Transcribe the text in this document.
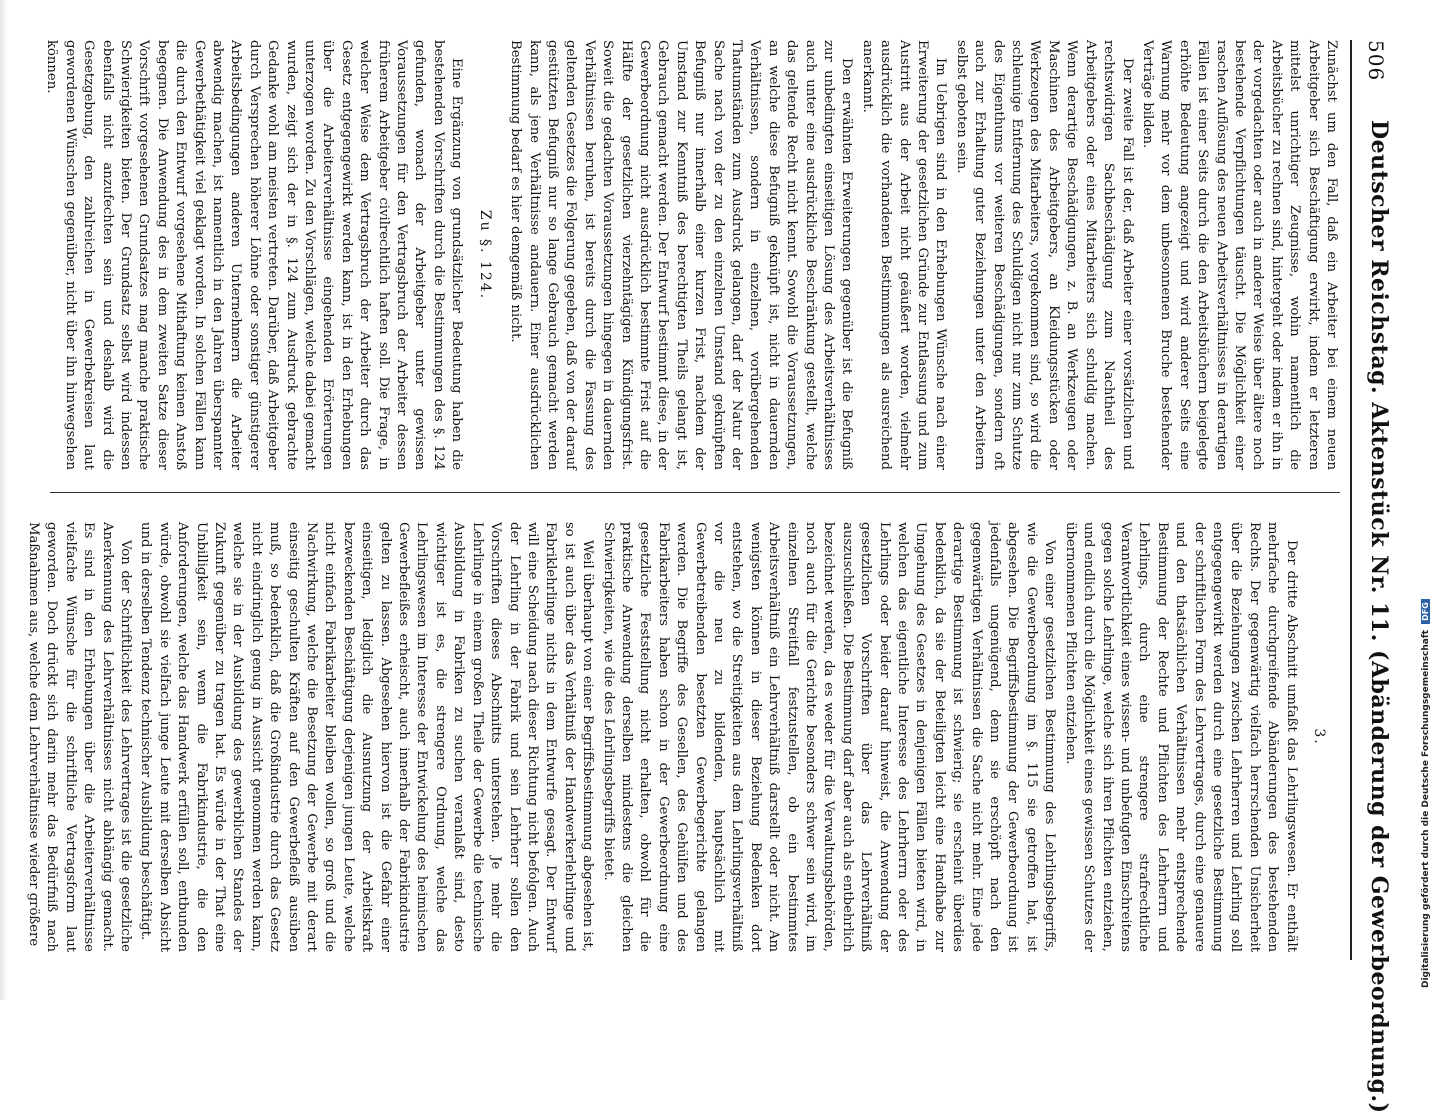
506
Deutscher Reichstag. Aktenstück Nr. 11. (Abänderung der Gewerbeordnung.)

Zunächst um den Fall, daß ein Arbeiter bei einem neuen Arbeitgeber sich Beschäftigung erwirkt, indem er letzteren mittelst unrichtiger Zeugnisse, wohin namentlich die Arbeitsbücher zu rechnen sind, hintergeht oder indem er ihn in der vorgedachten oder auch in anderer Weise über ältere noch bestehende Verpflichtungen täuscht. Die Möglichkeit einer raschen Auflösung des neuen Arbeitsverhältnisses in derartigen Fällen ist einer Seits durch die den Arbeitsbüchern beigelegte erhöhte Bedeutung angezeigt und wird anderer Seits eine Warnung mehr vor dem unbesonnenen Bruche bestehender Verträge bilden.

Der zweite Fall ist der, daß Arbeiter einer vorsätzlichen und rechtswidrigen Sachbeschädigung zum Nachtheil des Arbeitgebers oder eines Mitarbeiters sich schuldig machen. Wenn derartige Beschädigungen, z. B. an Werkzeugen oder Maschinen des Arbeitgebers, an Kleidungsstücken oder Werkzeugen des Mitarbeiters, vorgekommen sind, so wird die schleunige Entfernung des Schuldigen nicht nur zum Schutze des Eigenthums vor weiteren Beschädigungen, sondern oft auch zur Erhaltung guter Beziehungen unter den Arbeitern selbst geboten sein.

Im Uebrigen sind in den Erhebungen Wünsche nach einer Erweiterung der gesetzlichen Gründe zur Entlassung und zum Austritt aus der Arbeit nicht geäußert worden, vielmehr ausdrücklich die vorhandenen Bestimmungen als ausreichend anerkannt.

Den erwähnten Erweiterungen gegenüber ist die Befugniß zur unbedingten einseitigen Lösung des Arbeitsverhältnisses auch unter eine ausdrückliche Beschränkung gestellt, welche das geltende Recht nicht kennt. Sowohl die Voraussetzungen, an welche diese Befugniß geknüpft ist, nicht in dauernden Verhältnissen, sondern in einzelnen, vorübergehenden Thatumständen zum Ausdruck gelangen, darf der Natur der Sache nach von der zu den einzelnen Umstand geknüpften Befugniß nur innerhalb einer kurzen Frist, nachdem der Umstand zur Kenntniß des berechtigten Theils gelangt ist, Gebrauch gemacht werden. Der Entwurf bestimmt diese, in der Gewerbeordnung nicht ausdrücklich bestimmte Frist auf die Hälfte der gesetzlichen vierzehntägigen Kündigungsfrist. Soweit die gedachten Voraussetzungen hingegen in dauernden Verhältnissen beruhen, ist bereits durch die Fassung des geltenden Gesetzes die Folgerung gegeben, daß von der darauf gestützten Befugniß nur so lange Gebrauch gemacht werden kann, als jene Verhältnisse andauern. Einer ausdrücklichen Bestimmung bedarf es hier demgemäß nicht.

Zu §. 124.

Eine Ergänzung von grundsätzlicher Bedeutung haben die bestehenden Vorschriften durch die Bestimmungen des §. 124 gefunden, wonach der Arbeitgeber unter gewissen Voraussetzungen für den Vertragsbruch der Arbeiter dessen früherem Arbeitgeber civilrechtlich haften soll. Die Frage, in welcher Weise dem Vertragsbruch der Arbeiter durch das Gesetz entgegengewirkt werden kann, ist in den Erhebungen über die Arbeiterverhältnisse eingehenden Erörterungen unterzogen worden. Zu den Vorschlägen, welche dabei gemacht wurden, zeigt sich der in §. 124 zum Ausdruck gebrachte Gedanke wohl am meisten vertreten. Darüber, daß Arbeitgeber durch Versprechen höherer Löhne oder sonstiger günstigerer Arbeitsbedingungen anderen Unternehmern die Arbeiter abwendig machen, ist namentlich in den Jahren überspannter Gewerbethätigkeit viel geklagt worden. In solchen Fällen kann die durch den Entwurf vorgesehene Mithaftung keinen Anstoß begegnen. Die Anwendung des in dem zweiten Satze dieser Vorschrift vorgesehenen Grundsatzes mag manche praktische Schwierigkeiten bieten. Der Grundsatz selbst wird indessen ebenfalls nicht anzufechten sein und deshalb wird die Gesetzgebung, den zahlreichen in Gewerbekreisen laut gewordenen Wünschen gegenüber, nicht über ihn hinwegsehen können.

3.

Der dritte Abschnitt umfaßt das Lehrlingswesen. Er enthält mehrfache durchgreifende Abänderungen des bestehenden Rechts. Der gegenwärtig vielfach herrschenden Unsicherheit über die Beziehungen zwischen Lehrherren und Lehrling soll entgegengewirkt werden durch eine gesetzliche Bestimmung der schriftlichen Form des Lehrvertrages, durch eine genauere und den thatsächlichen Verhältnissen mehr entsprechende Bestimmung der Rechte und Pflichten des Lehrherrn und Lehrlings, durch eine strengere strafrechtliche Verantwortlichkeit eines wissen- und unbefugten Einschreitens gegen solche Lehrlinge, welche sich ihren Pflichten entziehen, und endlich durch die Möglichkeit eines gewissen Schutzes der übernommenen Pflichten entziehen.

Von einer gesetzlichen Bestimmung des Lehrlingsbegriffs, wie die Gewerbeordnung im §. 115 sie getroffen hat, ist abgesehen. Die Begriffsbestimmung der Gewerbeordnung ist jedenfalls ungenügend, denn sie erschöpft nach den gegenwärtigen Verhältnissen die Sache nicht mehr. Eine jede derartige Bestimmung ist schwierig; sie erscheint überdies bedenklich, da sie der Beteiligten leicht eine Handhabe zur Umgehung des Gesetzes in denjenigen Fällen bieten wird, in welchen das eigentliche Interesse des Lehrherrn oder des Lehrlings oder beider darauf hinweist, die Anwendung der gesetzlichen Vorschriften über das Lehrverhältniß auszuschließen. Die Bestimmung darf aber auch als entbehrlich bezeichnet werden, da es weder für die Verwaltungsbehörden, noch auch für die Gerichte besonders schwer sein wird, im einzelnen Streitfall festzustellen, ob ein bestimmtes Arbeitsverhältniß ein Lehrverhältniß darstellt oder nicht. Am wenigsten können in dieser Beziehung Bedenken dort entstehen, wo die Streitigkeiten aus dem Lehrlingsverhältniß vor die neu zu bildenden, hauptsächlich mit Gewerbetreibenden besetzten Gewerbegerichte gelangen werden. Die Begriffe des Gesellen, des Gehülfen und des Fabrikarbeiters haben schon in der Gewerbeordnung eine gesetzliche Feststellung nicht erhalten, obwohl für die praktische Anwendung derselben mindestens die gleichen Schwierigkeiten, wie die des Lehrlingsbegriffs bietet.

Weil überhaupt von einer Begriffsbestimmung abgesehen ist, so ist auch über das Verhältniß der Handwerkerlehrlinge und Fabriklehrlinge nichts in dem Entwurfe gesagt. Der Entwurf will eine Scheidung nach dieser Richtung nicht befolgen. Auch der Lehrling in der Fabrik und sein Lehrherr sollen den Vorschriften dieses Abschnitts unterstehen. Je mehr die Lehrlinge in einem großen Theile der Gewerbe die technische Ausbildung in Fabriken zu suchen veranlaßt sind, desto wichtiger ist es, die strengere Ordnung, welche das Lehrlingswesen im Interesse der Entwickelung des heimischen Gewerbefleißes erheischt, auch innerhalb der Fabrikindustrie gelten zu lassen. Abgesehen hiervon ist die Gefahr einer einseitigen, lediglich die Ausnutzung der Arbeitskraft bezweckenden Beschäftigung derjenigen jungen Leute, welche nicht einfach Fabrikarbeiter bleiben wollen, so groß und die Nachwirkung, welche die Besetzung der Gewerbe mit derart einseitig geschulten Kräften auf den Gewerbefleiß ausüben muß, so bedenklich, daß die Großindustrie durch das Gesetz nicht eindringlich genug in Aussicht genommen werden kann, welche sie in der Ausbildung des gewerblichen Standes der Zukunft gegenüber zu tragen hat. Es würde in der That eine Unbilligkeit sein, wenn die Fabrikindustrie, die den Anforderungen, welche das Handwerk erfüllen soll, entbunden würde, obwohl sie vielfach junge Leute mit derselben Absicht und in derselben Tendenz technischer Ausbildung beschäftigt.

Von der Schriftlichkeit des Lehrvertrages ist die gesetzliche Anerkennung des Lehrverhältnisses nicht abhängig gemacht. Es sind in den Erhebungen über die Arbeiterverhältnisse vielfache Wünsche für die schriftliche Vertragsform laut geworden. Doch drückt sich darin mehr das Bedürfniß nach Maßnahmen aus, welche dem Lehrverhältnisse wieder größere	Digitalisierung gefördert durch die Deutsche ForschungsgemeinschaftDFG
